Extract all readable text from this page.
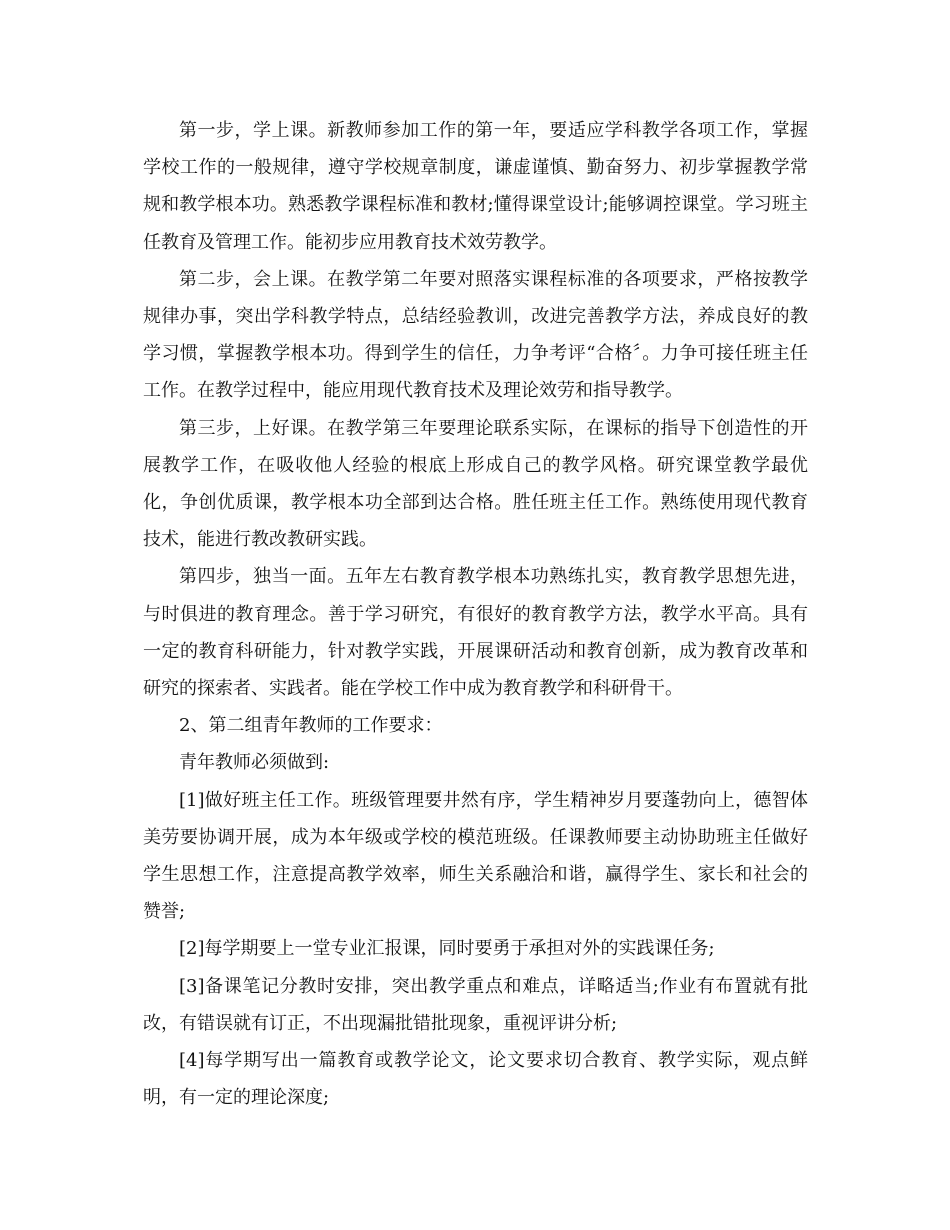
第一步，学上课。新教师参加工作的第一年，要适应学科教学各项工作，掌握学校工作的一般规律，遵守学校规章制度，谦虚谨慎、勤奋努力、初步掌握教学常规和教学根本功。熟悉教学课程标准和教材;懂得课堂设计;能够调控课堂。学习班主任教育及管理工作。能初步应用教育技术效劳教学。

第二步，会上课。在教学第二年要对照落实课程标准的各项要求，严格按教学规律办事，突出学科教学特点，总结经验教训，改进完善教学方法，养成良好的教学习惯，掌握教学根本功。得到学生的信任，力争考评“合格〞。力争可接任班主任工作。在教学过程中，能应用现代教育技术及理论效劳和指导教学。

第三步，上好课。在教学第三年要理论联系实际，在课标的指导下创造性的开展教学工作，在吸收他人经验的根底上形成自己的教学风格。研究课堂教学最优化，争创优质课，教学根本功全部到达合格。胜任班主任工作。熟练使用现代教育技术，能进行教改教研实践。

第四步，独当一面。五年左右教育教学根本功熟练扎实，教育教学思想先进，与时俱进的教育理念。善于学习研究，有很好的教育教学方法，教学水平高。具有一定的教育科研能力，针对教学实践，开展课研活动和教育创新，成为教育改革和研究的探索者、实践者。能在学校工作中成为教育教学和科研骨干。

2、第二组青年教师的工作要求：

青年教师必须做到:

[1]做好班主任工作。班级管理要井然有序，学生精神岁月要蓬勃向上，德智体美劳要协调开展，成为本年级或学校的模范班级。任课教师要主动协助班主任做好学生思想工作，注意提高教学效率，师生关系融洽和谐，赢得学生、家长和社会的赞誉;

[2]每学期要上一堂专业汇报课，同时要勇于承担对外的实践课任务;

[3]备课笔记分教时安排，突出教学重点和难点，详略适当;作业有布置就有批改，有错误就有订正，不出现漏批错批现象，重视评讲分析;

[4]每学期写出一篇教育或教学论文，论文要求切合教育、教学实际，观点鲜明，有一定的理论深度;
